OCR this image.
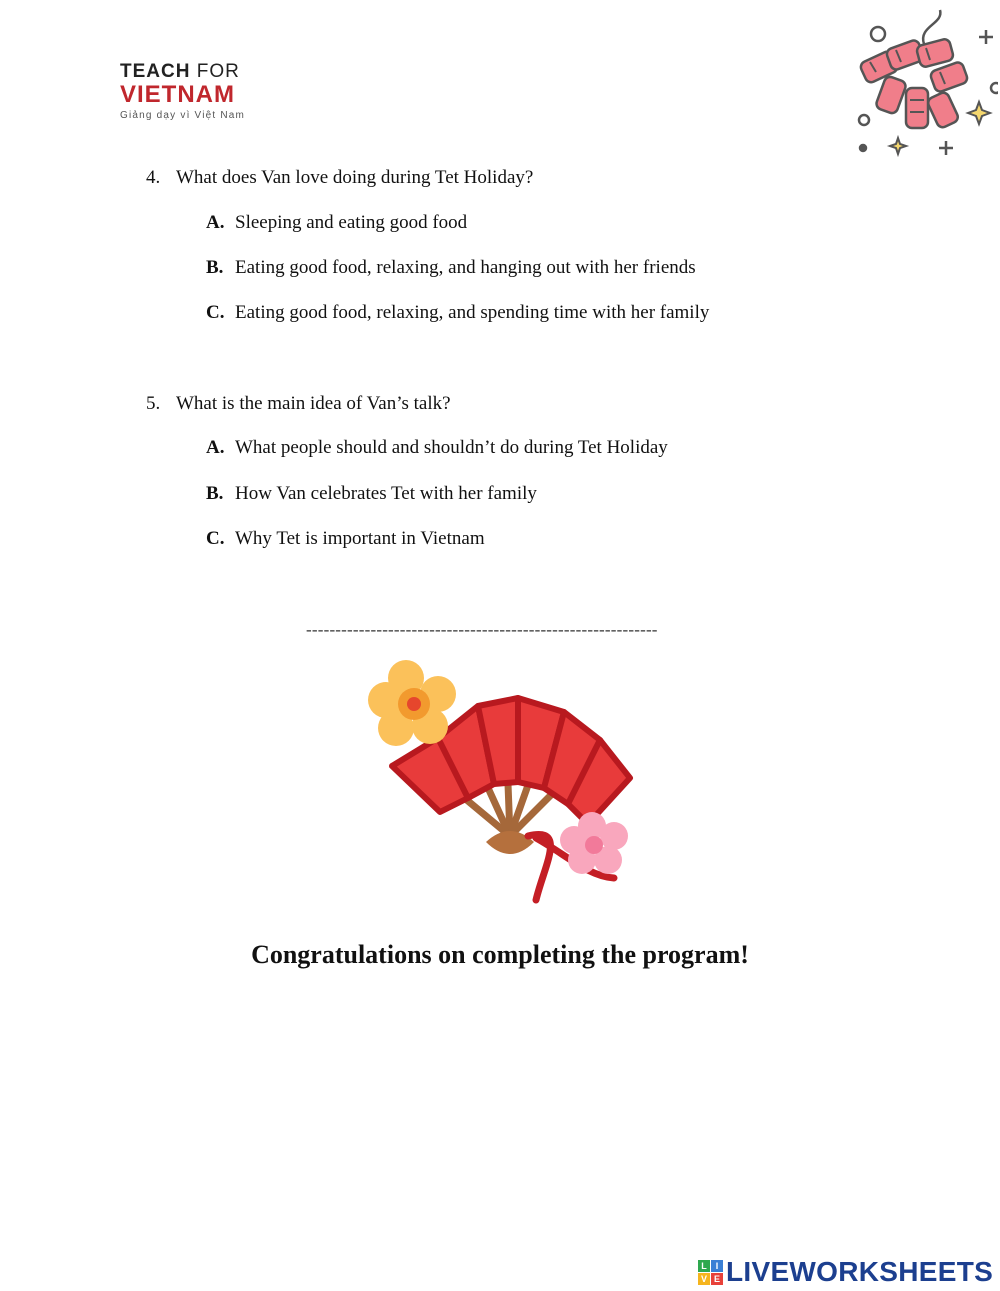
TEACH FOR
VIETNAM
Giảng dạy vì Việt Nam
4. What does Van love doing during Tet Holiday?
A. Sleeping and eating good food
B. Eating good food, relaxing, and hanging out with her friends
C. Eating good food, relaxing, and spending time with her family
5. What is the main idea of Van’s talk?
A. What people should and shouldn’t do during Tet Holiday
B. How Van celebrates Tet with her family
C. Why Tet is important in Vietnam
------------------------------------------------------------
Congratulations on completing the program!
L I
V E LIVEWORKSHEETS
